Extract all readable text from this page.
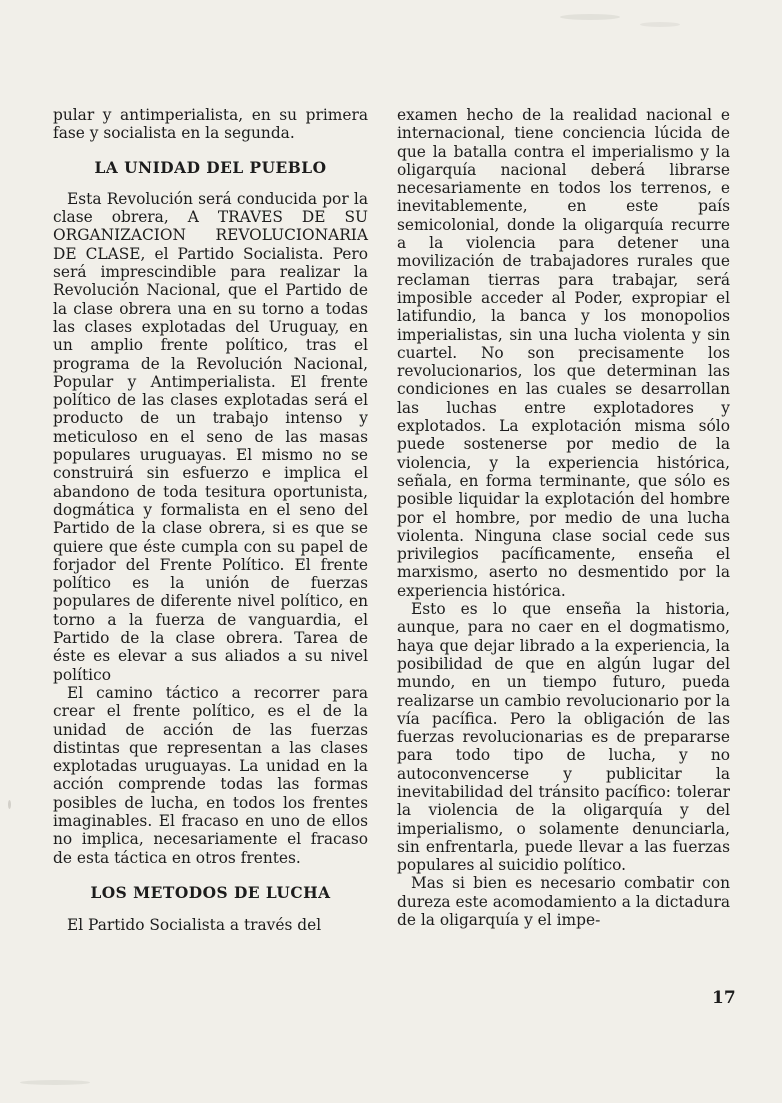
pular y antimperialista, en su primera fase y socialista en la segunda.

LA UNIDAD DEL PUEBLO

Esta Revolución será conducida por la clase obrera, A TRAVES DE SU ORGANIZACION REVOLUCIONARIA DE CLASE, el Partido Socialista. Pero será imprescindible para realizar la Revolución Nacional, que el Partido de la clase obrera una en su torno a todas las clases explotadas del Uruguay, en un amplio frente político, tras el programa de la Revolución Nacional, Popular y Antimperialista. El frente político de las clases explotadas será el producto de un trabajo intenso y meticuloso en el seno de las masas populares uruguayas. El mismo no se construirá sin esfuerzo e implica el abandono de toda tesitura oportunista, dogmática y formalista en el seno del Partido de la clase obrera, si es que se quiere que éste cumpla con su papel de forjador del Frente Político. El frente político es la unión de fuerzas populares de diferente nivel político, en torno a la fuerza de vanguardia, el Partido de la clase obrera. Tarea de éste es elevar a sus aliados a su nivel político

El camino táctico a recorrer para crear el frente político, es el de la unidad de acción de las fuerzas distintas que representan a las clases explotadas uruguayas. La unidad en la acción comprende todas las formas posibles de lucha, en todos los frentes imaginables. El fracaso en uno de ellos no implica, necesariamente el fracaso de esta táctica en otros frentes.

LOS METODOS DE LUCHA

El Partido Socialista a través del

examen hecho de la realidad nacional e internacional, tiene conciencia lúcida de que la batalla contra el imperialismo y la oligarquía nacional deberá librarse necesariamente en todos los terrenos, e inevitablemente, en este país semicolonial, donde la oligarquía recurre a la violencia para detener una movilización de trabajadores rurales que reclaman tierras para trabajar, será imposible acceder al Poder, expropiar el latifundio, la banca y los monopolios imperialistas, sin una lucha violenta y sin cuartel. No son precisamente los revolucionarios, los que determinan las condiciones en las cuales se desarrollan las luchas entre explotadores y explotados. La explotación misma sólo puede sostenerse por medio de la violencia, y la experiencia histórica, señala, en forma terminante, que sólo es posible liquidar la explotación del hombre por el hombre, por medio de una lucha violenta. Ninguna clase social cede sus privilegios pacíficamente, enseña el marxismo, aserto no desmentido por la experiencia histórica.

Esto es lo que enseña la historia, aunque, para no caer en el dogmatismo, haya que dejar librado a la experiencia, la posibilidad de que en algún lugar del mundo, en un tiempo futuro, pueda realizarse un cambio revolucionario por la vía pacífica. Pero la obligación de las fuerzas revolucionarias es de prepararse para todo tipo de lucha, y no autoconvencerse y publicitar la inevitabilidad del tránsito pacífico: tolerar la violencia de la oligarquía y del imperialismo, o solamente denunciarla, sin enfrentarla, puede llevar a las fuerzas populares al suicidio político.

Mas si bien es necesario combatir con dureza este acomodamiento a la dictadura de la oligarquía y el impe-

17
